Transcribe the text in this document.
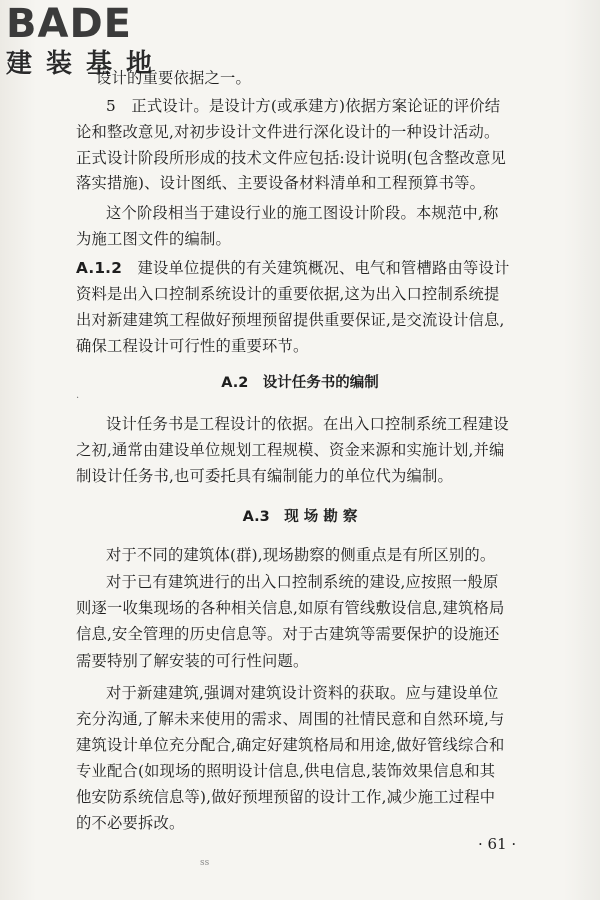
BADE
建装基地
设计的重要依据之一。
5　正式设计。是设计方(或承建方)依据方案论证的评价结
论和整改意见,对初步设计文件进行深化设计的一种设计活动。
正式设计阶段所形成的技术文件应包括:设计说明(包含整改意见
落实措施)、设计图纸、主要设备材料清单和工程预算书等。
这个阶段相当于建设行业的施工图设计阶段。本规范中,称
为施工图文件的编制。
A.1.2　建设单位提供的有关建筑概况、电气和管槽路由等设计
资料是出入口控制系统设计的重要依据,这为出入口控制系统提
出对新建建筑工程做好预埋预留提供重要保证,是交流设计信息,
确保工程设计可行性的重要环节。
A.2　设计任务书的编制
·
设计任务书是工程设计的依据。在出入口控制系统工程建设
之初,通常由建设单位规划工程规模、资金来源和实施计划,并编
制设计任务书,也可委托具有编制能力的单位代为编制。
A.3　现 场 勘 察
对于不同的建筑体(群),现场勘察的侧重点是有所区别的。
对于已有建筑进行的出入口控制系统的建设,应按照一般原
则逐一收集现场的各种相关信息,如原有管线敷设信息,建筑格局
信息,安全管理的历史信息等。对于古建筑等需要保护的设施还
需要特别了解安装的可行性问题。
对于新建建筑,强调对建筑设计资料的获取。应与建设单位
充分沟通,了解未来使用的需求、周围的社情民意和自然环境,与
建筑设计单位充分配合,确定好建筑格局和用途,做好管线综合和
专业配合(如现场的照明设计信息,供电信息,装饰效果信息和其
他安防系统信息等),做好预埋预留的设计工作,减少施工过程中
的不必要拆改。
· 61 ·
ss
